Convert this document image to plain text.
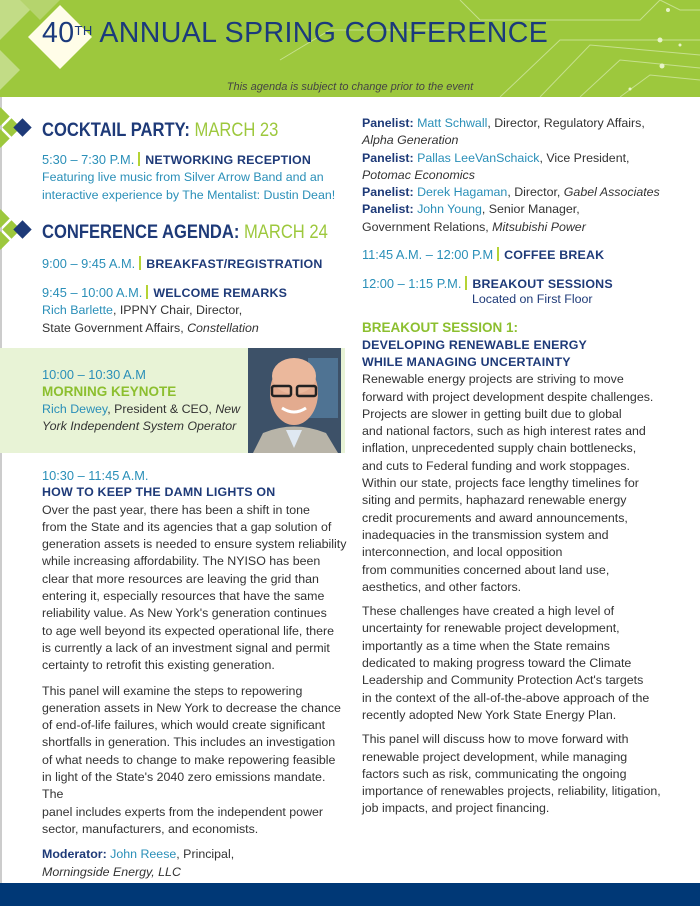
40TH ANNUAL SPRING CONFERENCE
This agenda is subject to change prior to the event
COCKTAIL PARTY: MARCH 23
5:30 – 7:30 P.M. NETWORKING RECEPTION
Featuring live music from Silver Arrow Band and an
interactive experience by The Mentalist: Dustin Dean!
CONFERENCE AGENDA: MARCH 24
9:00 – 9:45 A.M. BREAKFAST/REGISTRATION
9:45 – 10:00 A.M. WELCOME REMARKS
Rich Barlette, IPPNY Chair, Director,
State Government Affairs, Constellation
10:00 – 10:30 A.M
MORNING KEYNOTE
Rich Dewey, President & CEO, New
York Independent System Operator
10:30 – 11:45 A.M.
HOW TO KEEP THE DAMN LIGHTS ON
Over the past year, there has been a shift in tone
from the State and its agencies that a gap solution of
generation assets is needed to ensure system reliability
while increasing affordability. The NYISO has been
clear that more resources are leaving the grid than
entering it, especially resources that have the same
reliability value. As New York's generation continues
to age well beyond its expected operational life, there
is currently a lack of an investment signal and permit
certainty to retrofit this existing generation.
This panel will examine the steps to repowering
generation assets in New York to decrease the chance
of end-of-life failures, which would create significant
shortfalls in generation. This includes an investigation
of what needs to change to make repowering feasible
in light of the State's 2040 zero emissions mandate. The
panel includes experts from the independent power
sector, manufacturers, and economists.
Moderator: John Reese, Principal,
Morningside Energy, LLC
Panelist: Matt Schwall, Director, Regulatory Affairs,
Alpha Generation
Panelist: Pallas LeeVanSchaick, Vice President,
Potomac Economics
Panelist: Derek Hagaman, Director, Gabel Associates
Panelist: John Young, Senior Manager,
Government Relations, Mitsubishi Power
11:45 A.M. – 12:00 P.M COFFEE BREAK
12:00 – 1:15 P.M. BREAKOUT SESSIONS
Located on First Floor
BREAKOUT SESSION 1:
DEVELOPING RENEWABLE ENERGY
WHILE MANAGING UNCERTAINTY
Renewable energy projects are striving to move
forward with project development despite challenges.
Projects are slower in getting built due to global
and national factors, such as high interest rates and
inflation, unprecedented supply chain bottlenecks,
and cuts to Federal funding and work stoppages.
Within our state, projects face lengthy timelines for
siting and permits, haphazard renewable energy
credit procurements and award announcements,
inadequacies in the transmission system and
interconnection, and local opposition
from communities concerned about land use,
aesthetics, and other factors.
These challenges have created a high level of
uncertainty for renewable project development,
importantly as a time when the State remains
dedicated to making progress toward the Climate
Leadership and Community Protection Act's targets
in the context of the all-of-the-above approach of the
recently adopted New York State Energy Plan.
This panel will discuss how to move forward with
renewable project development, while managing
factors such as risk, communicating the ongoing
importance of renewables projects, reliability, litigation,
job impacts, and project financing.
